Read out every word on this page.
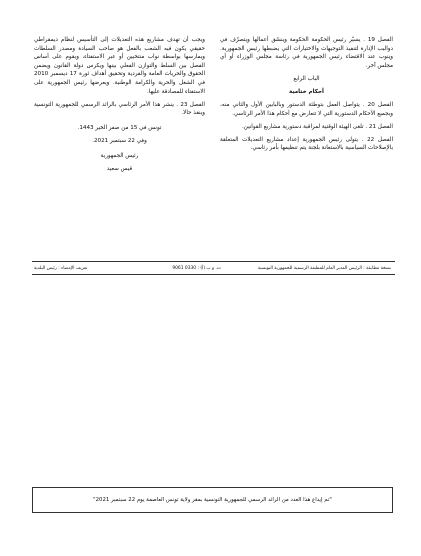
الفصل 19 . يسيّر رئيس الحكومة الحكومة وينسّق أعمالها ويتصرّف في دواليب الإدارة لتنفيذ التوجيهات والاختيارات التي يضبطها رئيس الجمهورية. وينوب عند الاقتضاء رئيس الجمهورية في رئاسة مجلس الوزراء أو أي مجلس آخر.

الباب الرابع

أحكام ختامية

الفصل 20 . يتواصل العمل بتوطئة الدستور وبالبابين الأول والثاني منه، وبجميع الأحكام الدستورية التي لا تتعارض مع أحكام هذا الأمر الرئاسي.

الفصل 21 . تلغى الهيئة الوقتية لمراقبة دستورية مشاريع القوانين.

الفصل 22 . يتولى رئيس الجمهورية إعداد مشاريع التعديلات المتعلقة بالإصلاحات السياسية بالاستعانة بلجنة يتم تنظيمها بأمر رئاسي.

ويجب أن تهدف مشاريع هذه التعديلات إلى التأسيس لنظام ديمقراطي حقيقي يكون فيه الشعب بالفعل هو صاحب السيادة ومصدر السلطات ويمارسها بواسطة نواب منتخبين أو عبر الاستفتاء، ويقوم على أساس الفصل بين السلط والتوازن الفعلي بينها ويكرس دولة القانون ويضمن الحقوق والحريات العامة والفردية وتحقيق أهداف ثورة 17 ديسمبر 2010 في الشغل والحرية والكرامة الوطنية. ويعرضها رئيس الجمهورية على الاستفتاء للمصادقة عليها.

الفصل 23 . ينشر هذا الأمر الرئاسي بالرائد الرسمي للجمهورية التونسية وينفذ حالا.

تونس في 15 من صفر الخير 1443.

وفي 22 سبتمبر 2021.

رئيس الجمهورية

قيس سعيد

نسخة مطابقة : الرئيس المدير العام للمطبعة الرسمية للجمهورية التونسية
ت. و ب (أ) : 0330 9061
تعريف الإمضاء : رئيس البلدية
"تم إيداع هذا العدد من الرائد الرسمي للجمهورية التونسية بمقر ولاية تونس العاصمة يوم 22 سبتمبر 2021"
